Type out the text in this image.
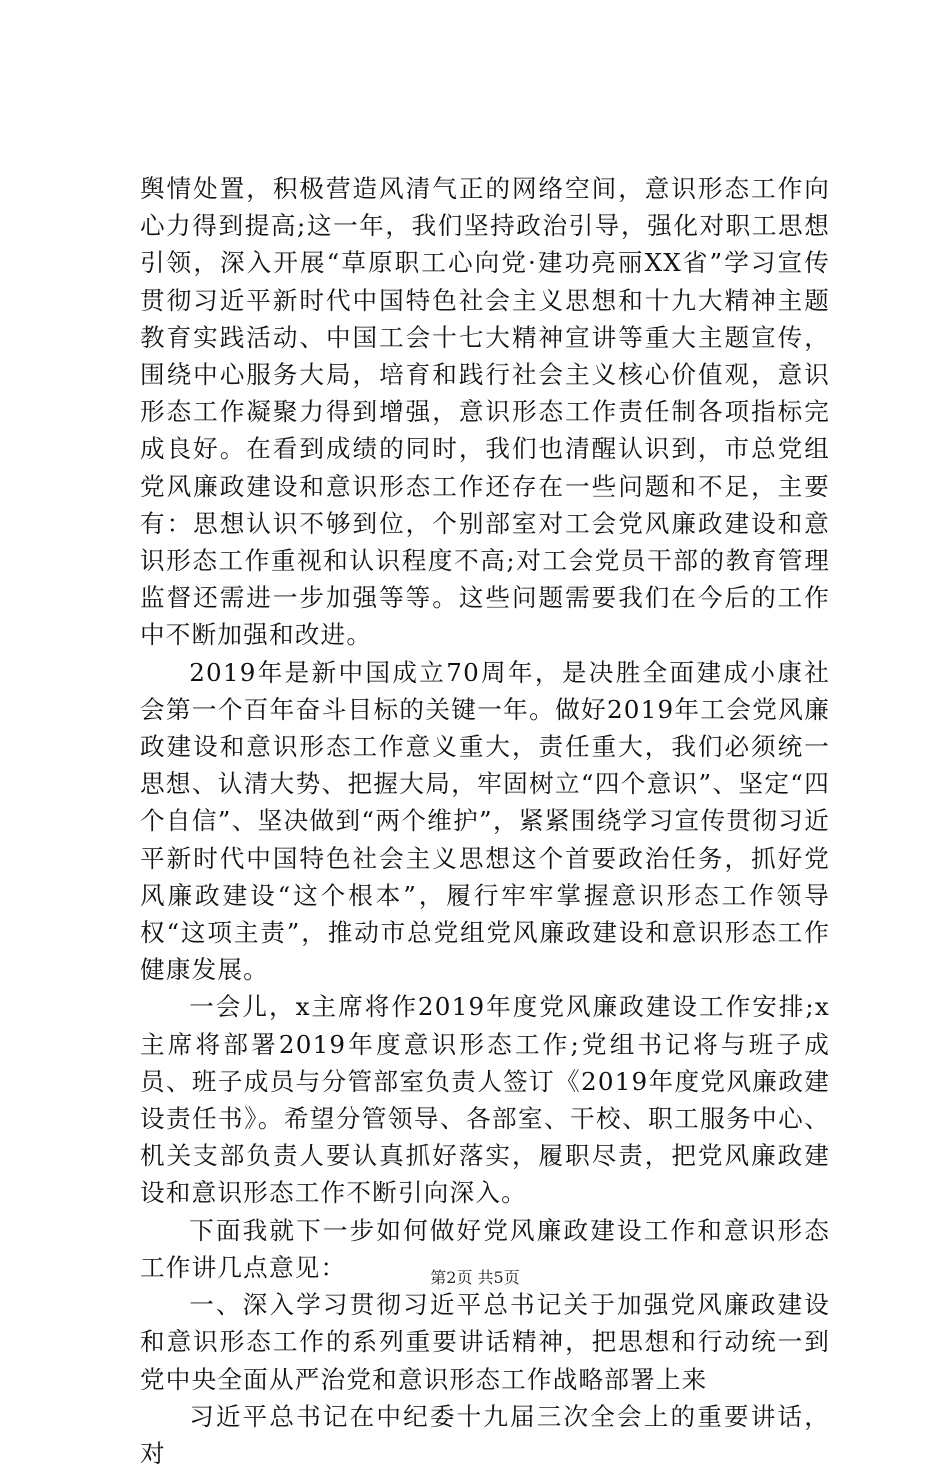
舆情处置，积极营造风清气正的网络空间，意识形态工作向心力得到提高;这一年，我们坚持政治引导，强化对职工思想引领，深入开展“草原职工心向党·建功亮丽XX省”学习宣传贯彻习近平新时代中国特色社会主义思想和十九大精神主题教育实践活动、中国工会十七大精神宣讲等重大主题宣传，围绕中心服务大局，培育和践行社会主义核心价值观，意识形态工作凝聚力得到增强，意识形态工作责任制各项指标完成良好。在看到成绩的同时，我们也清醒认识到，市总党组党风廉政建设和意识形态工作还存在一些问题和不足，主要有：思想认识不够到位，个别部室对工会党风廉政建设和意识形态工作重视和认识程度不高;对工会党员干部的教育管理监督还需进一步加强等等。这些问题需要我们在今后的工作中不断加强和改进。

2019年是新中国成立70周年，是决胜全面建成小康社会第一个百年奋斗目标的关键一年。做好2019年工会党风廉政建设和意识形态工作意义重大，责任重大，我们必须统一思想、认清大势、把握大局，牢固树立“四个意识”、坚定“四个自信”、坚决做到“两个维护”，紧紧围绕学习宣传贯彻习近平新时代中国特色社会主义思想这个首要政治任务，抓好党风廉政建设“这个根本”，履行牢牢掌握意识形态工作领导权“这项主责”，推动市总党组党风廉政建设和意识形态工作健康发展。

一会儿，x主席将作2019年度党风廉政建设工作安排;x主席将部署2019年度意识形态工作;党组书记将与班子成员、班子成员与分管部室负责人签订《2019年度党风廉政建设责任书》。希望分管领导、各部室、干校、职工服务中心、机关支部负责人要认真抓好落实，履职尽责，把党风廉政建设和意识形态工作不断引向深入。

下面我就下一步如何做好党风廉政建设工作和意识形态工作讲几点意见：

一、深入学习贯彻习近平总书记关于加强党风廉政建设和意识形态工作的系列重要讲话精神，把思想和行动统一到党中央全面从严治党和意识形态工作战略部署上来

习近平总书记在中纪委十九届三次全会上的重要讲话，对

第2页 共5页
